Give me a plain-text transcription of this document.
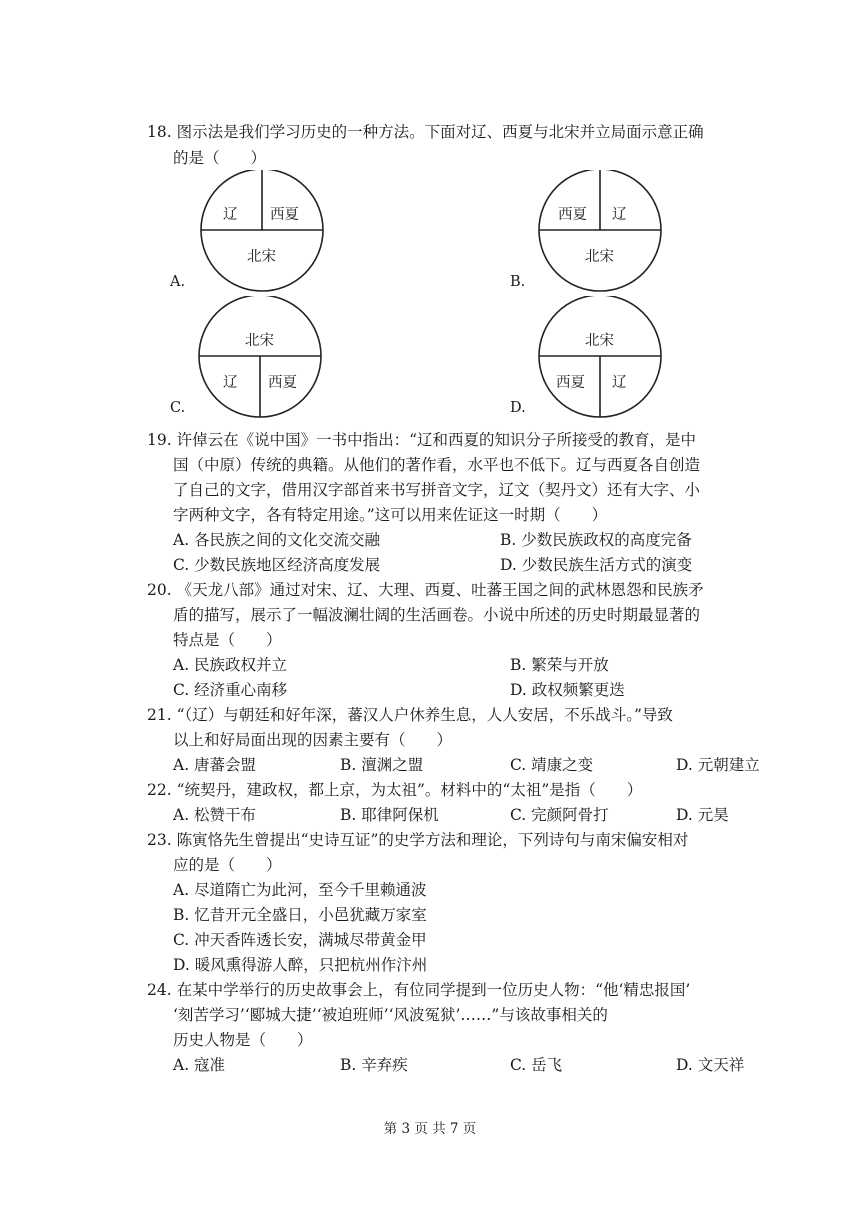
18. 图示法是我们学习历史的一种方法。下面对辽、西夏与北宋并立局面示意正确
的是（　　）
辽 西夏
北宋
A.
西夏 辽
北宋
B.
北宋
辽 西夏
C.
北宋
西夏 辽
D.
19. 许倬云在《说中国》一书中指出：“辽和西夏的知识分子所接受的教育，是中
国（中原）传统的典籍。从他们的著作看，水平也不低下。辽与西夏各自创造
了自己的文字，借用汉字部首来书写拼音文字，辽文（契丹文）还有大字、小
字两种文字，各有特定用途。”这可以用来佐证这一时期（　　）
A. 各民族之间的文化交流交融	B. 少数民族政权的高度完备
C. 少数民族地区经济高度发展	D. 少数民族生活方式的演变
20. 《天龙八部》通过对宋、辽、大理、西夏、吐蕃王国之间的武林恩怨和民族矛
盾的描写，展示了一幅波澜壮阔的生活画卷。小说中所述的历史时期最显著的
特点是（　　）
A. 民族政权并立	B. 繁荣与开放
C. 经济重心南移	D. 政权频繁更迭
21. “（辽）与朝廷和好年深，蕃汉人户休养生息，人人安居，不乐战斗。”导致
以上和好局面出现的因素主要有（　　）
A. 唐蕃会盟	B. 澶渊之盟	C. 靖康之变	D. 元朝建立
22. “统契丹，建政权，都上京，为太祖”。材料中的“太祖”是指（　　）
A. 松赞干布	B. 耶律阿保机	C. 完颜阿骨打	D. 元昊
23. 陈寅恪先生曾提出“史诗互证”的史学方法和理论，下列诗句与南宋偏安相对
应的是（　　）
A. 尽道隋亡为此河，至今千里赖通波
B. 忆昔开元全盛日，小邑犹藏万家室
C. 冲天香阵透长安，满城尽带黄金甲
D. 暖风熏得游人醉，只把杭州作汴州
24. 在某中学举行的历史故事会上，有位同学提到一位历史人物：“他‘精忠报国’
‘刻苦学习’‘郾城大捷’‘被迫班师’‘风波冤狱’……”与该故事相关的
历史人物是（　　）
A. 寇准	B. 辛弃疾	C. 岳飞	D. 文天祥
第 3 页 共 7 页
